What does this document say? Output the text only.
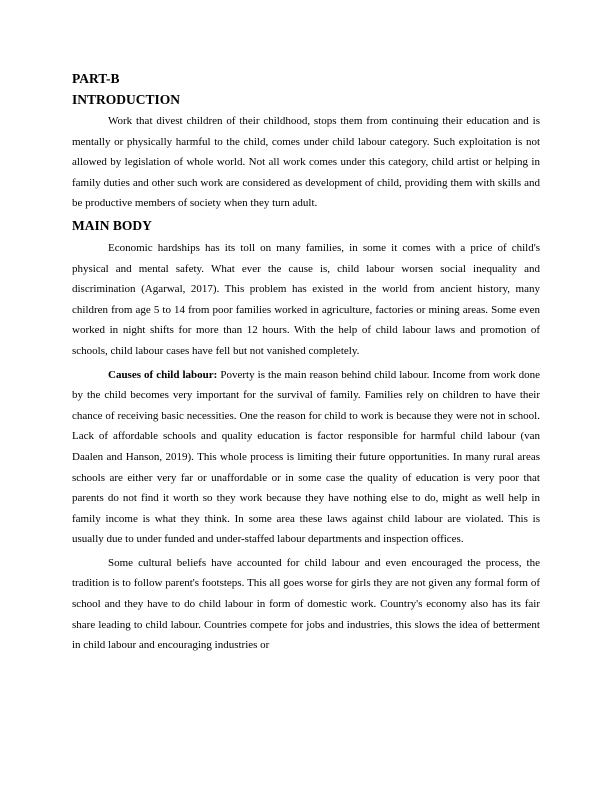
PART-B
INTRODUCTION

Work that divest children of their childhood, stops them from continuing their education and is mentally or physically harmful to the child, comes under child labour category. Such exploitation is not allowed by legislation of whole world. Not all work comes under this category, child artist or helping in family duties and other such work are considered as development of child, providing them with skills and be productive members of society when they turn adult.

MAIN BODY

Economic hardships has its toll on many families, in some it comes with a price of child's physical and mental safety. What ever the cause is, child labour worsen social inequality and discrimination (Agarwal, 2017). This problem has existed in the world from ancient history, many children from age 5 to 14 from poor families worked in agriculture, factories or mining areas. Some even worked in night shifts for more than 12 hours. With the help of child labour laws and promotion of schools, child labour cases have fell but not vanished completely.

Causes of child labour: Poverty is the main reason behind child labour. Income from work done by the child becomes very important for the survival of family. Families rely on children to have their chance of receiving basic necessities. One the reason for child to work is because they were not in school. Lack of affordable schools and quality education is factor responsible for harmful child labour (van Daalen and Hanson, 2019). This whole process is limiting their future opportunities. In many rural areas schools are either very far or unaffordable or in some case the quality of education is very poor that parents do not find it worth so they work because they have nothing else to do, might as well help in family income is what they think. In some area these laws against child labour are violated. This is usually due to under funded and under-staffed labour departments and inspection offices.

Some cultural beliefs have accounted for child labour and even encouraged the process, the tradition is to follow parent's footsteps. This all goes worse for girls they are not given any formal form of school and they have to do child labour in form of domestic work. Country's economy also has its fair share leading to child labour. Countries compete for jobs and industries, this slows the idea of betterment in child labour and encouraging industries or
